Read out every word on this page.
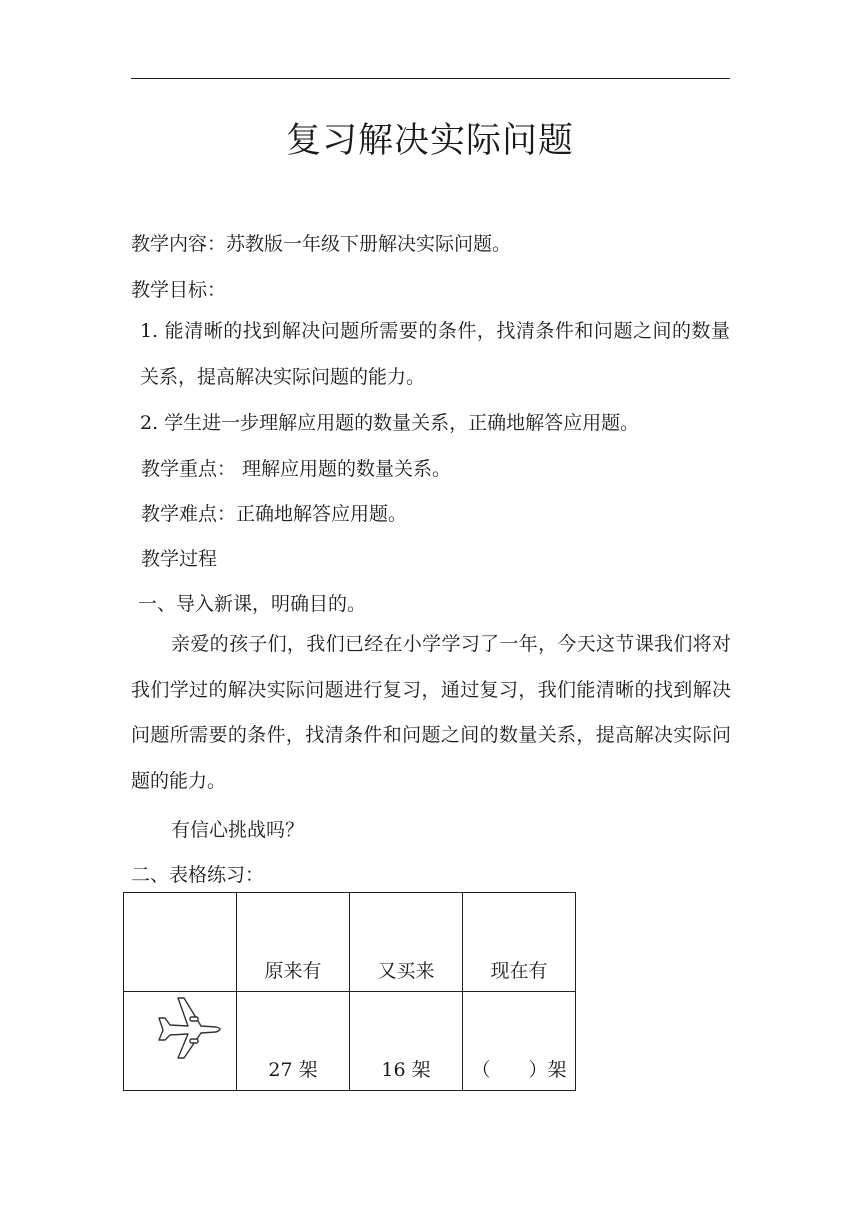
复习解决实际问题
教学内容：苏教版一年级下册解决实际问题。
教学目标：
1. 能清晰的找到解决问题所需要的条件，找清条件和问题之间的数量关系，提高解决实际问题的能力。
2. 学生进一步理解应用题的数量关系，正确地解答应用题。
教学重点： 理解应用题的数量关系。
教学难点：正确地解答应用题。
教学过程
一、导入新课，明确目的。
亲爱的孩子们，我们已经在小学学习了一年，今天这节课我们将对我们学过的解决实际问题进行复习，通过复习，我们能清晰的找到解决问题所需要的条件，找清条件和问题之间的数量关系，提高解决实际问题的能力。
有信心挑战吗？
二、表格练习：
	原来有	又买来	现在有

	27 架	16 架	（　　）架
